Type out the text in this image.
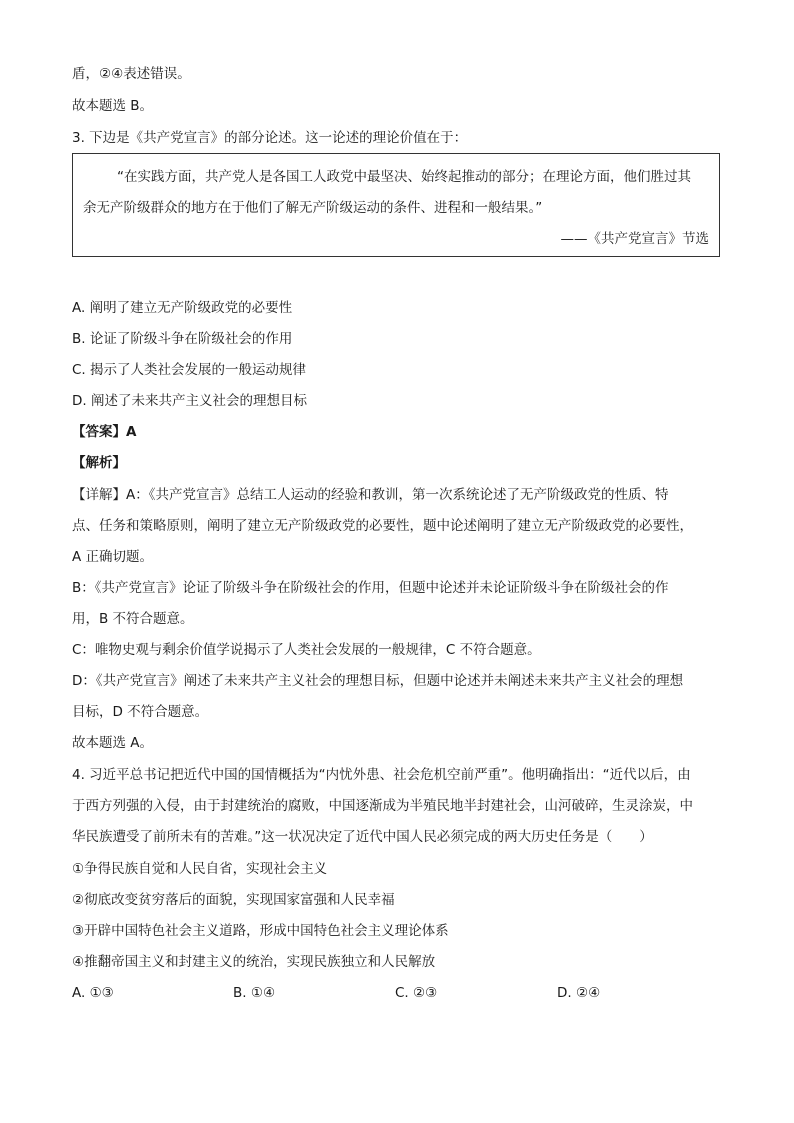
盾，②④表述错误。
故本题选 B。
3. 下边是《共产党宣言》的部分论述。这一论述的理论价值在于：
“在实践方面，共产党人是各国工人政党中最坚决、始终起推动的部分；在理论方面，他们胜过其
余无产阶级群众的地方在于他们了解无产阶级运动的条件、进程和一般结果。”
——《共产党宣言》节选
A. 阐明了建立无产阶级政党的必要性
B. 论证了阶级斗争在阶级社会的作用
C. 揭示了人类社会发展的一般运动规律
D. 阐述了未来共产主义社会的理想目标
【答案】A
【解析】
【详解】A：《共产党宣言》总结工人运动的经验和教训，第一次系统论述了无产阶级政党的性质、特
点、任务和策略原则，阐明了建立无产阶级政党的必要性，题中论述阐明了建立无产阶级政党的必要性，
A 正确切题。
B：《共产党宣言》论证了阶级斗争在阶级社会的作用，但题中论述并未论证阶级斗争在阶级社会的作
用，B 不符合题意。
C：唯物史观与剩余价值学说揭示了人类社会发展的一般规律，C 不符合题意。
D：《共产党宣言》阐述了未来共产主义社会的理想目标，但题中论述并未阐述未来共产主义社会的理想
目标，D 不符合题意。
故本题选 A。
4. 习近平总书记把近代中国的国情概括为“内忧外患、社会危机空前严重”。他明确指出：“近代以后，由
于西方列强的入侵，由于封建统治的腐败，中国逐渐成为半殖民地半封建社会，山河破碎，生灵涂炭，中
华民族遭受了前所未有的苦难。”这一状况决定了近代中国人民必须完成的两大历史任务是（　　）
①争得民族自觉和人民自省，实现社会主义
②彻底改变贫穷落后的面貌，实现国家富强和人民幸福
③开辟中国特色社会主义道路，形成中国特色社会主义理论体系
④推翻帝国主义和封建主义的统治，实现民族独立和人民解放
A. ①③	B. ①④	C. ②③	D. ②④
